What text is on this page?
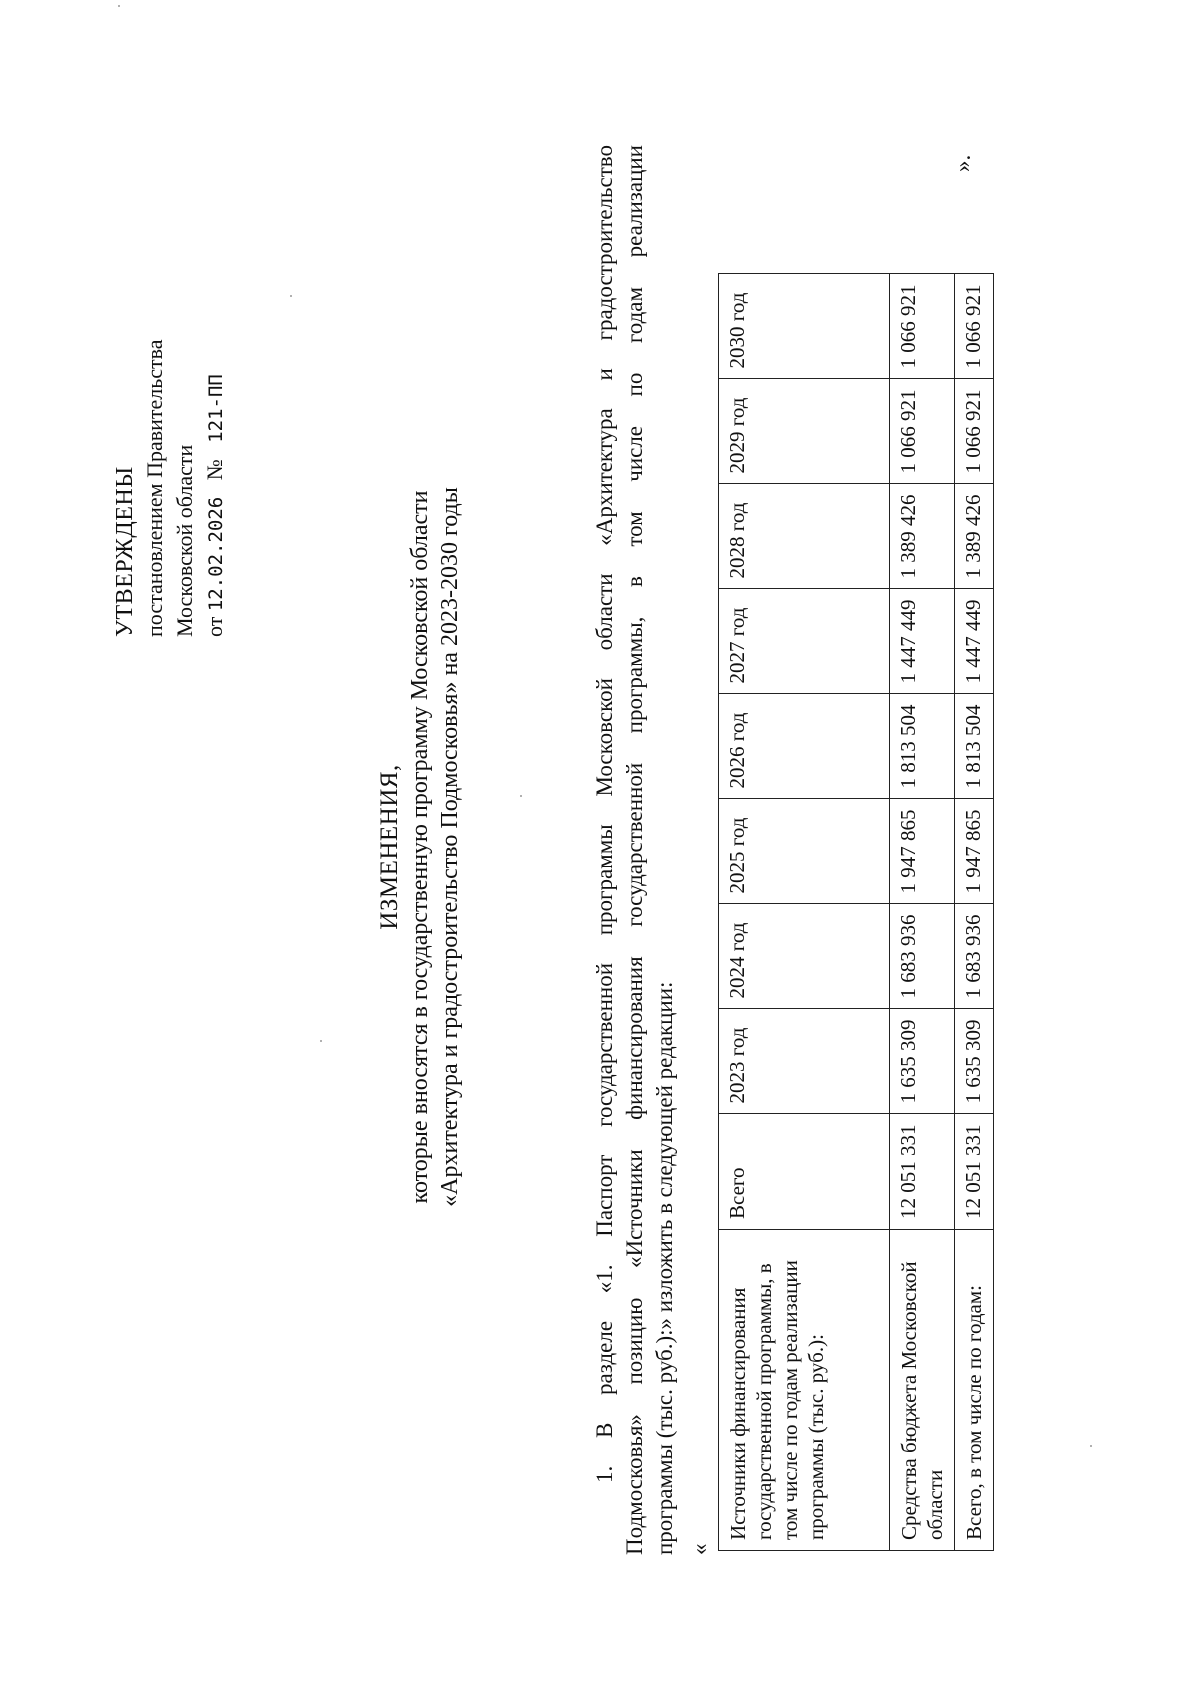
УТВЕРЖДЕНЫ постановлением Правительства Московской области от 12.02.2026   №   121-ПП
ИЗМЕНЕНИЯ, которые вносятся в государственную программу Московской области «Архитектура и градостроительство Подмосковья» на 2023-2030 годы	1. В разделе «1. Паспорт государственной программы Московской области «Архитектура и градостроительство Подмосковья» позицию «Источники финансирования государственной программы, в том числе по годам реализации программы (тыс. руб.):» изложить в следующей редакции: «
Источники финансирования государственной программы, в том числе по годам реализации программы (тыс. руб.):	Всего	2023 год	2024 год	2025 год	2026 год	2027 год	2028 год	2029 год	2030 год
Средства бюджета Московской области	12 051 331	1 635 309	1 683 936	1 947 865	1 813 504	1 447 449	1 389 426	1 066 921	1 066 921
Всего, в том числе по годам:	12 051 331	1 635 309	1 683 936	1 947 865	1 813 504	1 447 449	1 389 426	1 066 921	1 066 921
».
